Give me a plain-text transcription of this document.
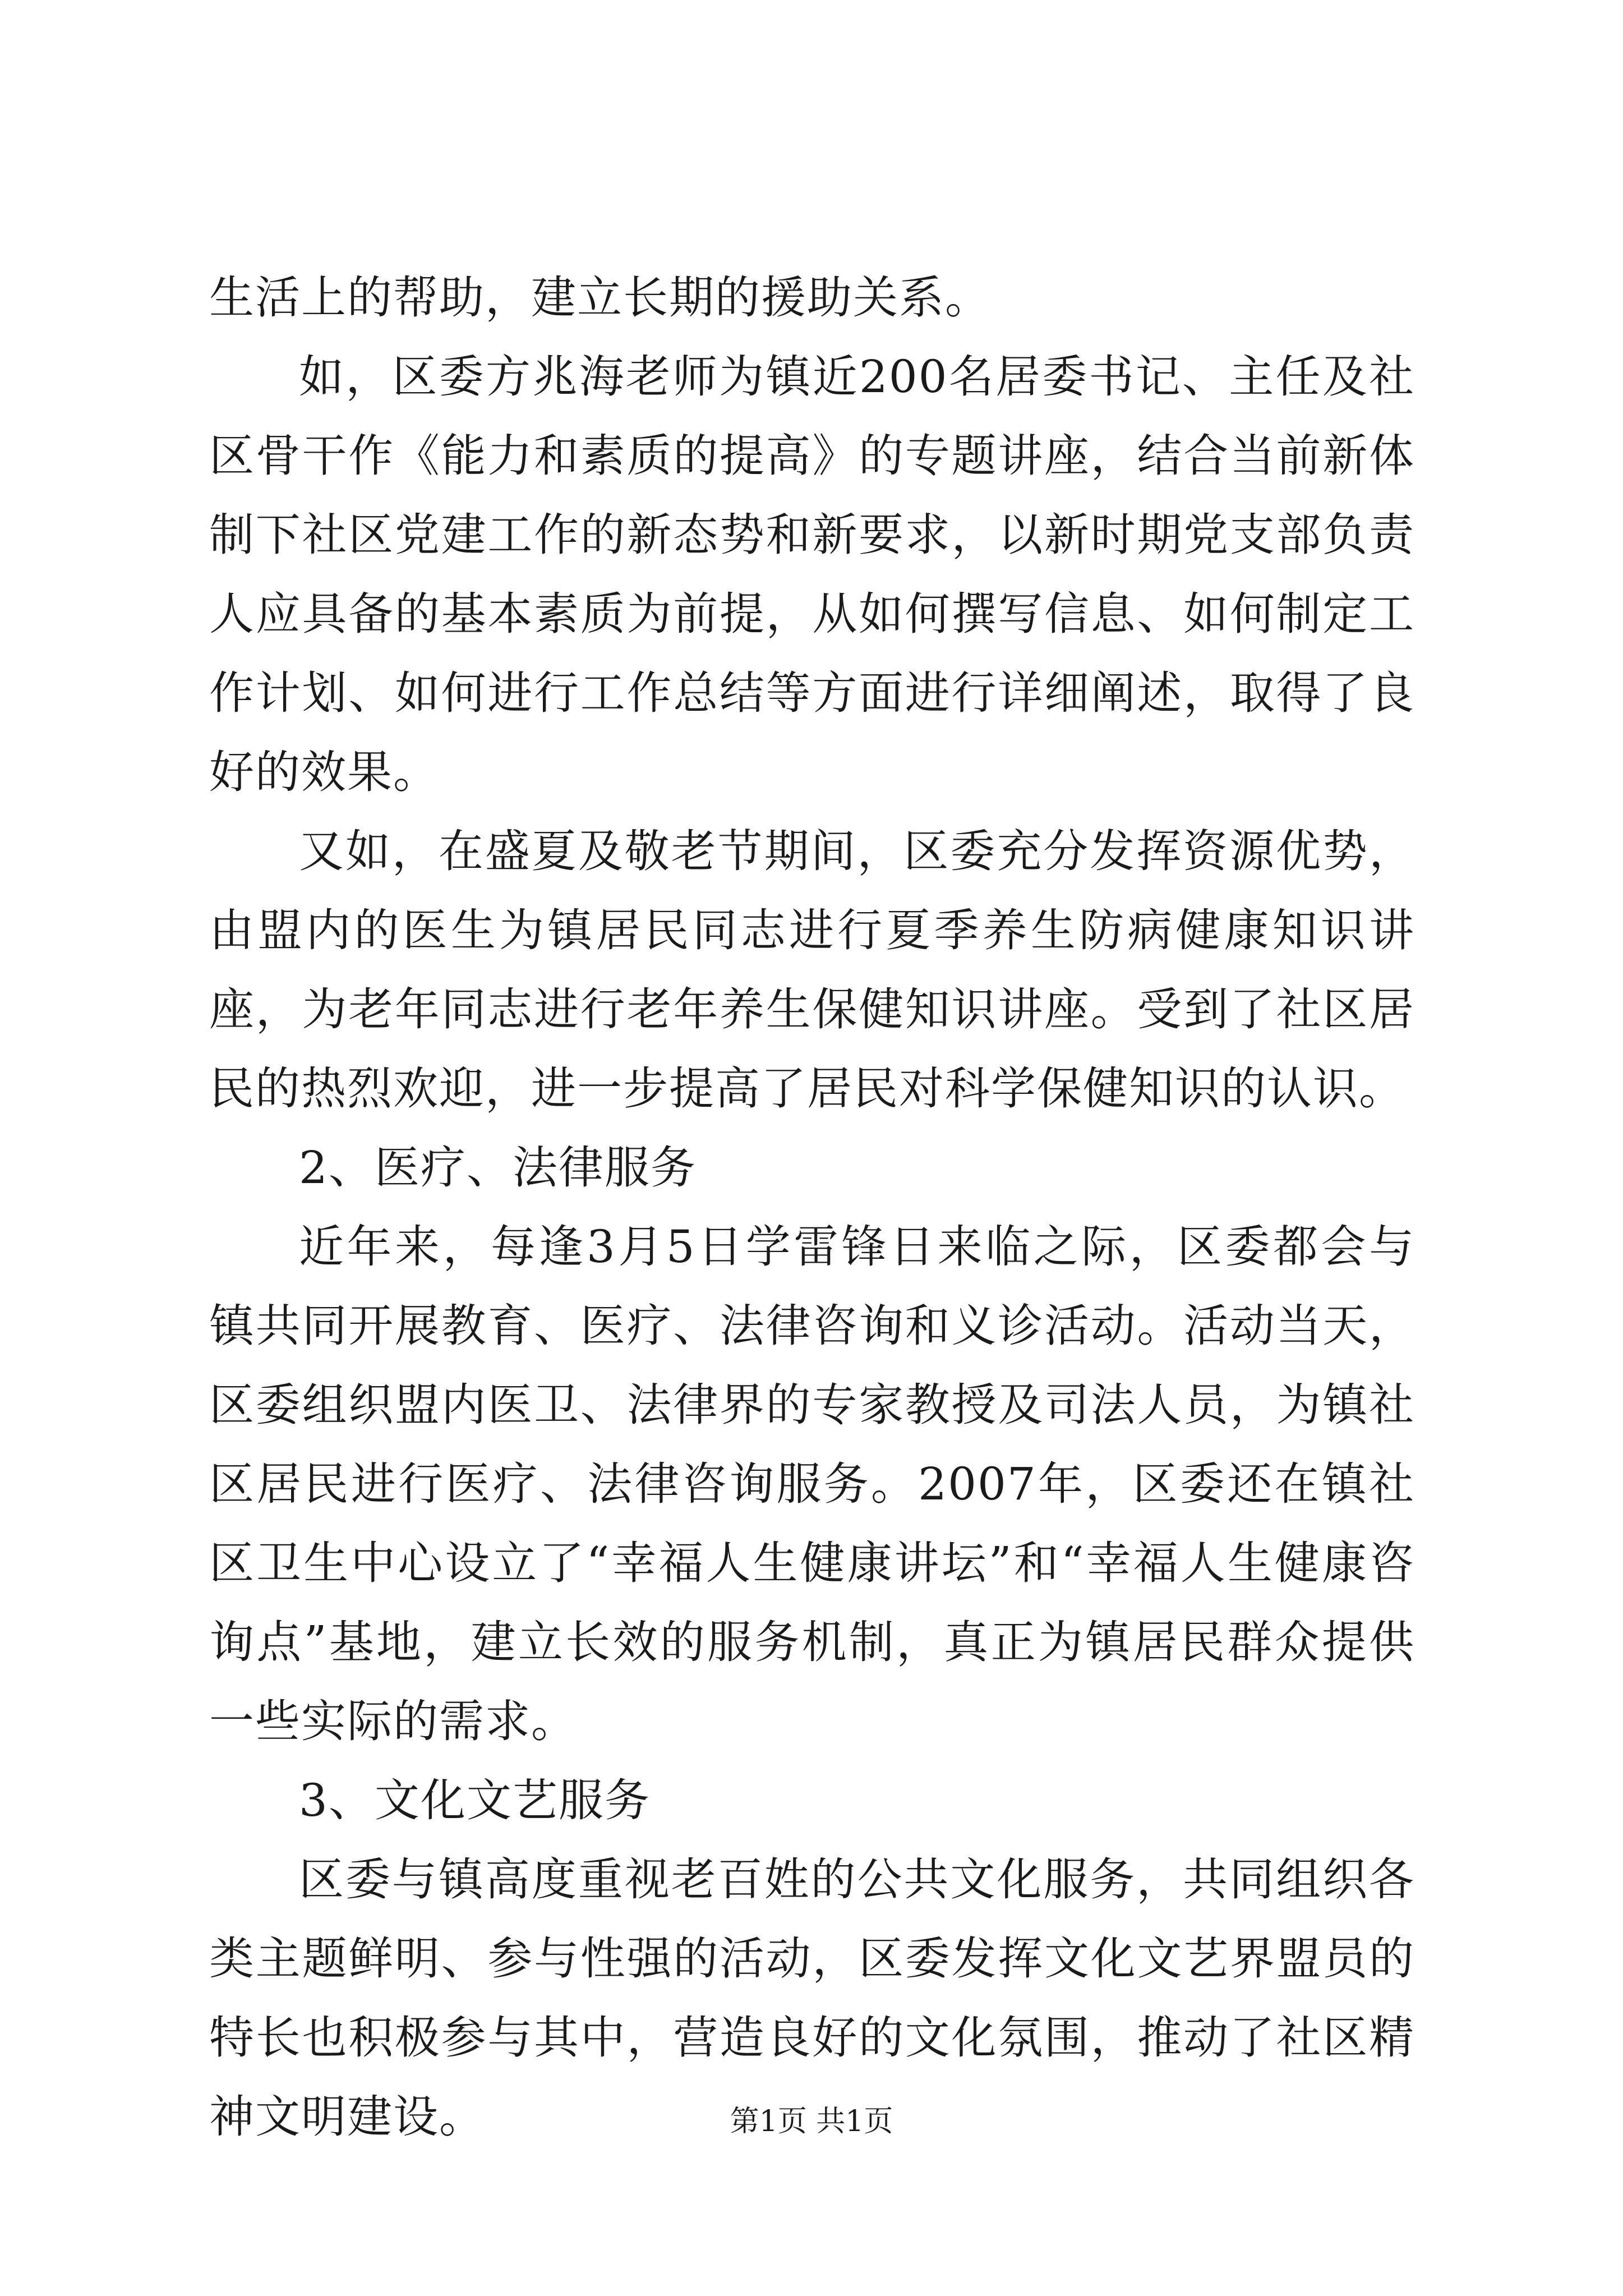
生活上的帮助，建立长期的援助关系。

如，区委方兆海老师为镇近200名居委书记、主任及社区骨干作《能力和素质的提高》的专题讲座，结合当前新体制下社区党建工作的新态势和新要求，以新时期党支部负责人应具备的基本素质为前提，从如何撰写信息、如何制定工作计划、如何进行工作总结等方面进行详细阐述，取得了良好的效果。

又如，在盛夏及敬老节期间，区委充分发挥资源优势，由盟内的医生为镇居民同志进行夏季养生防病健康知识讲座，为老年同志进行老年养生保健知识讲座。受到了社区居民的热烈欢迎，进一步提高了居民对科学保健知识的认识。

2、医疗、法律服务

近年来，每逢3月5日学雷锋日来临之际，区委都会与镇共同开展教育、医疗、法律咨询和义诊活动。活动当天，区委组织盟内医卫、法律界的专家教授及司法人员，为镇社区居民进行医疗、法律咨询服务。2007年，区委还在镇社区卫生中心设立了“幸福人生健康讲坛”和“幸福人生健康咨询点”基地，建立长效的服务机制，真正为镇居民群众提供一些实际的需求。

3、文化文艺服务

区委与镇高度重视老百姓的公共文化服务，共同组织各类主题鲜明、参与性强的活动，区委发挥文化文艺界盟员的特长也积极参与其中，营造良好的文化氛围，推动了社区精神文明建设。	第1页 共1页
